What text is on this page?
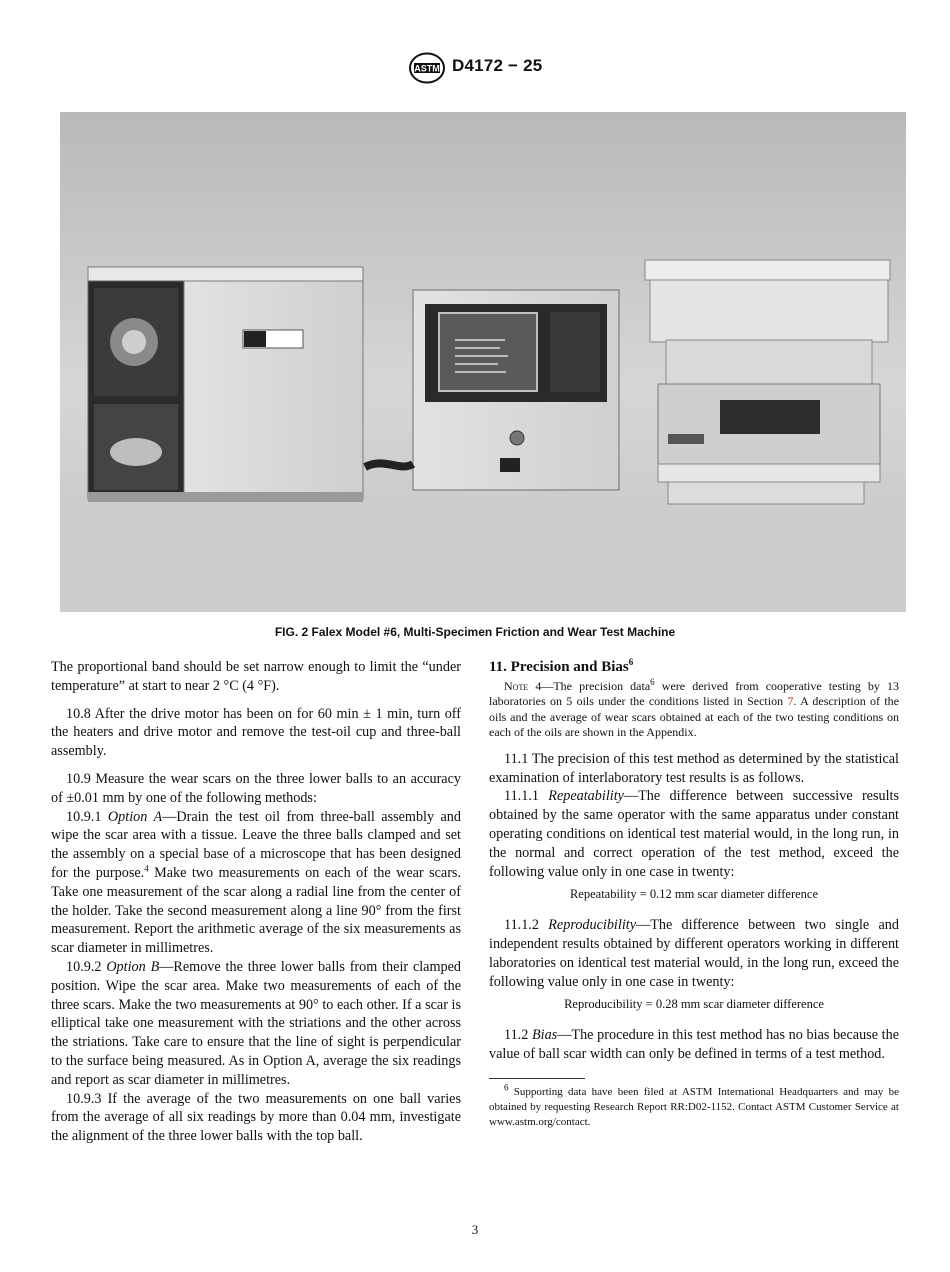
ASTM D4172 − 25
FIG. 2 Falex Model #6, Multi-Specimen Friction and Wear Test Machine

The proportional band should be set narrow enough to limit the “under temperature” at start to near 2 °C (4 °F).

10.8 After the drive motor has been on for 60 min ± 1 min, turn off the heaters and drive motor and remove the test-oil cup and three-ball assembly.

10.9 Measure the wear scars on the three lower balls to an accuracy of ±0.01 mm by one of the following methods:

10.9.1 Option A—Drain the test oil from three-ball assembly and wipe the scar area with a tissue. Leave the three balls clamped and set the assembly on a special base of a microscope that has been designed for the purpose.$^4$ Make two measurements on each of the wear scars. Take one measurement of the scar along a radial line from the center of the holder. Take the second measurement along a line 90° from the first measurement. Report the arithmetic average of the six measurements as scar diameter in millimetres.

10.9.2 Option B—Remove the three lower balls from their clamped position. Wipe the scar area. Make two measurements of each of the three scars. Make the two measurements at 90° to each other. If a scar is elliptical take one measurement with the striations and the other across the striations. Take care to ensure that the line of sight is perpendicular to the surface being measured. As in Option A, average the six readings and report as scar diameter in millimetres.

10.9.3 If the average of the two measurements on one ball varies from the average of all six readings by more than 0.04 mm, investigate the alignment of the three lower balls with the top ball.

11. Precision and Bias$^6$

Note 4—The precision data$^6$ were derived from cooperative testing by 13 laboratories on 5 oils under the conditions listed in Section 7. A description of the oils and the average of wear scars obtained at each of the two testing conditions on each of the oils are shown in the Appendix.

11.1 The precision of this test method as determined by the statistical examination of interlaboratory test results is as follows.

11.1.1 Repeatability—The difference between successive results obtained by the same operator with the same apparatus under constant operating conditions on identical test material would, in the long run, in the normal and correct operation of the test method, exceed the following value only in one case in twenty:

Repeatability = 0.12 mm scar diameter difference

11.1.2 Reproducibility—The difference between two single and independent results obtained by different operators working in different laboratories on identical test material would, in the long run, exceed the following value only in one case in twenty:

Reproducibility = 0.28 mm scar diameter difference

11.2 Bias—The procedure in this test method has no bias because the value of ball scar width can only be defined in terms of a test method.

$^6$ Supporting data have been filed at ASTM International Headquarters and may be obtained by requesting Research Report RR:D02-1152. Contact ASTM Customer Service at www.astm.org/contact.
3
